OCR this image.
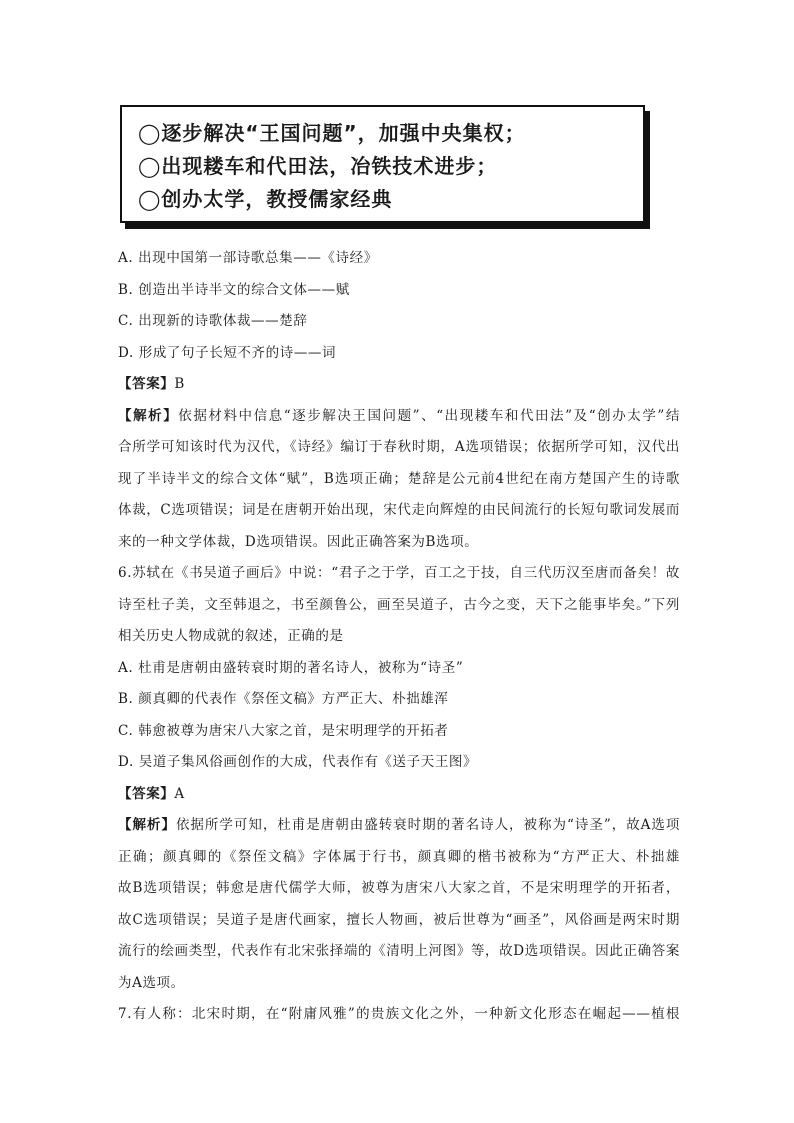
◯逐步解决“王国问题”，加强中央集权；
◯出现耧车和代田法，冶铁技术进步；
◯创办太学，教授儒家经典
A. 出现中国第一部诗歌总集——《诗经》
B. 创造出半诗半文的综合文体——赋
C. 出现新的诗歌体裁——楚辞
D. 形成了句子长短不齐的诗——词
【答案】B
【解析】依据材料中信息“逐步解决王国问题”、“出现耧车和代田法”及“创办太学”结
合所学可知该时代为汉代，《诗经》编订于春秋时期，A选项错误；依据所学可知，汉代出
现了半诗半文的综合文体“赋”，B选项正确；楚辞是公元前4世纪在南方楚国产生的诗歌
体裁，C选项错误；词是在唐朝开始出现，宋代走向辉煌的由民间流行的长短句歌词发展而
来的一种文学体裁，D选项错误。因此正确答案为B选项。
6.苏轼在《书吴道子画后》中说：“君子之于学，百工之于技，自三代历汉至唐而备矣！故
诗至杜子美，文至韩退之，书至颜鲁公，画至吴道子，古今之变，天下之能事毕矣。”下列
相关历史人物成就的叙述，正确的是
A. 杜甫是唐朝由盛转衰时期的著名诗人，被称为“诗圣”
B. 颜真卿的代表作《祭侄文稿》方严正大、朴拙雄浑
C. 韩愈被尊为唐宋八大家之首，是宋明理学的开拓者
D. 吴道子集风俗画创作的大成，代表作有《送子天王图》
【答案】A
【解析】依据所学可知，杜甫是唐朝由盛转衰时期的著名诗人，被称为“诗圣”，故A选项
正确；颜真卿的《祭侄文稿》字体属于行书，颜真卿的楷书被称为“方严正大、朴拙雄
故B选项错误；韩愈是唐代儒学大师，被尊为唐宋八大家之首，不是宋明理学的开拓者，
故C选项错误；吴道子是唐代画家，擅长人物画，被后世尊为“画圣”，风俗画是两宋时期
流行的绘画类型，代表作有北宋张择端的《清明上河图》等，故D选项错误。因此正确答案
为A选项。
7.有人称：北宋时期，在“附庸风雅”的贵族文化之外，一种新文化形态在崛起——植根
